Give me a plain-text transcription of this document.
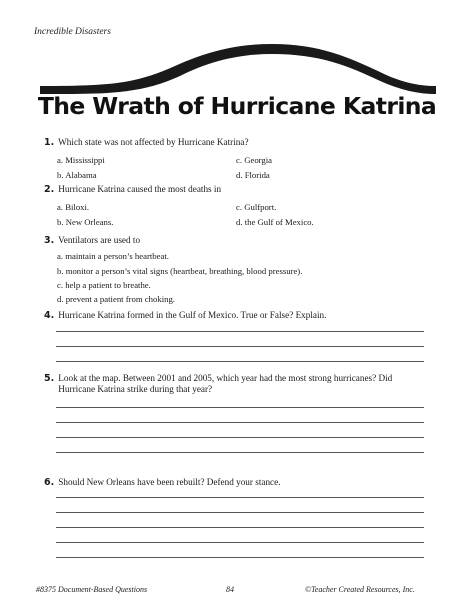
Incredible Disasters
The Wrath of Hurricane Katrina
1. Which state was not affected by Hurricane Katrina?
a. Mississippi
b. Alabama
c. Georgia
d. Florida
2. Hurricane Katrina caused the most deaths in
a. Biloxi.
b. New Orleans.
c. Gulfport.
d. the Gulf of Mexico.
3. Ventilators are used to
a. maintain a person’s heartbeat.
b. monitor a person’s vital signs (heartbeat, breathing, blood pressure).
c. help a patient to breathe.
d. prevent a patient from choking.
4. Hurricane Katrina formed in the Gulf of Mexico. True or False? Explain.
5. Look at the map. Between 2001 and 2005, which year had the most strong hurricanes? Did Hurricane Katrina strike during that year?
6. Should New Orleans have been rebuilt? Defend your stance.
#8375 Document-Based Questions	84	©Teacher Created Resources, Inc.
